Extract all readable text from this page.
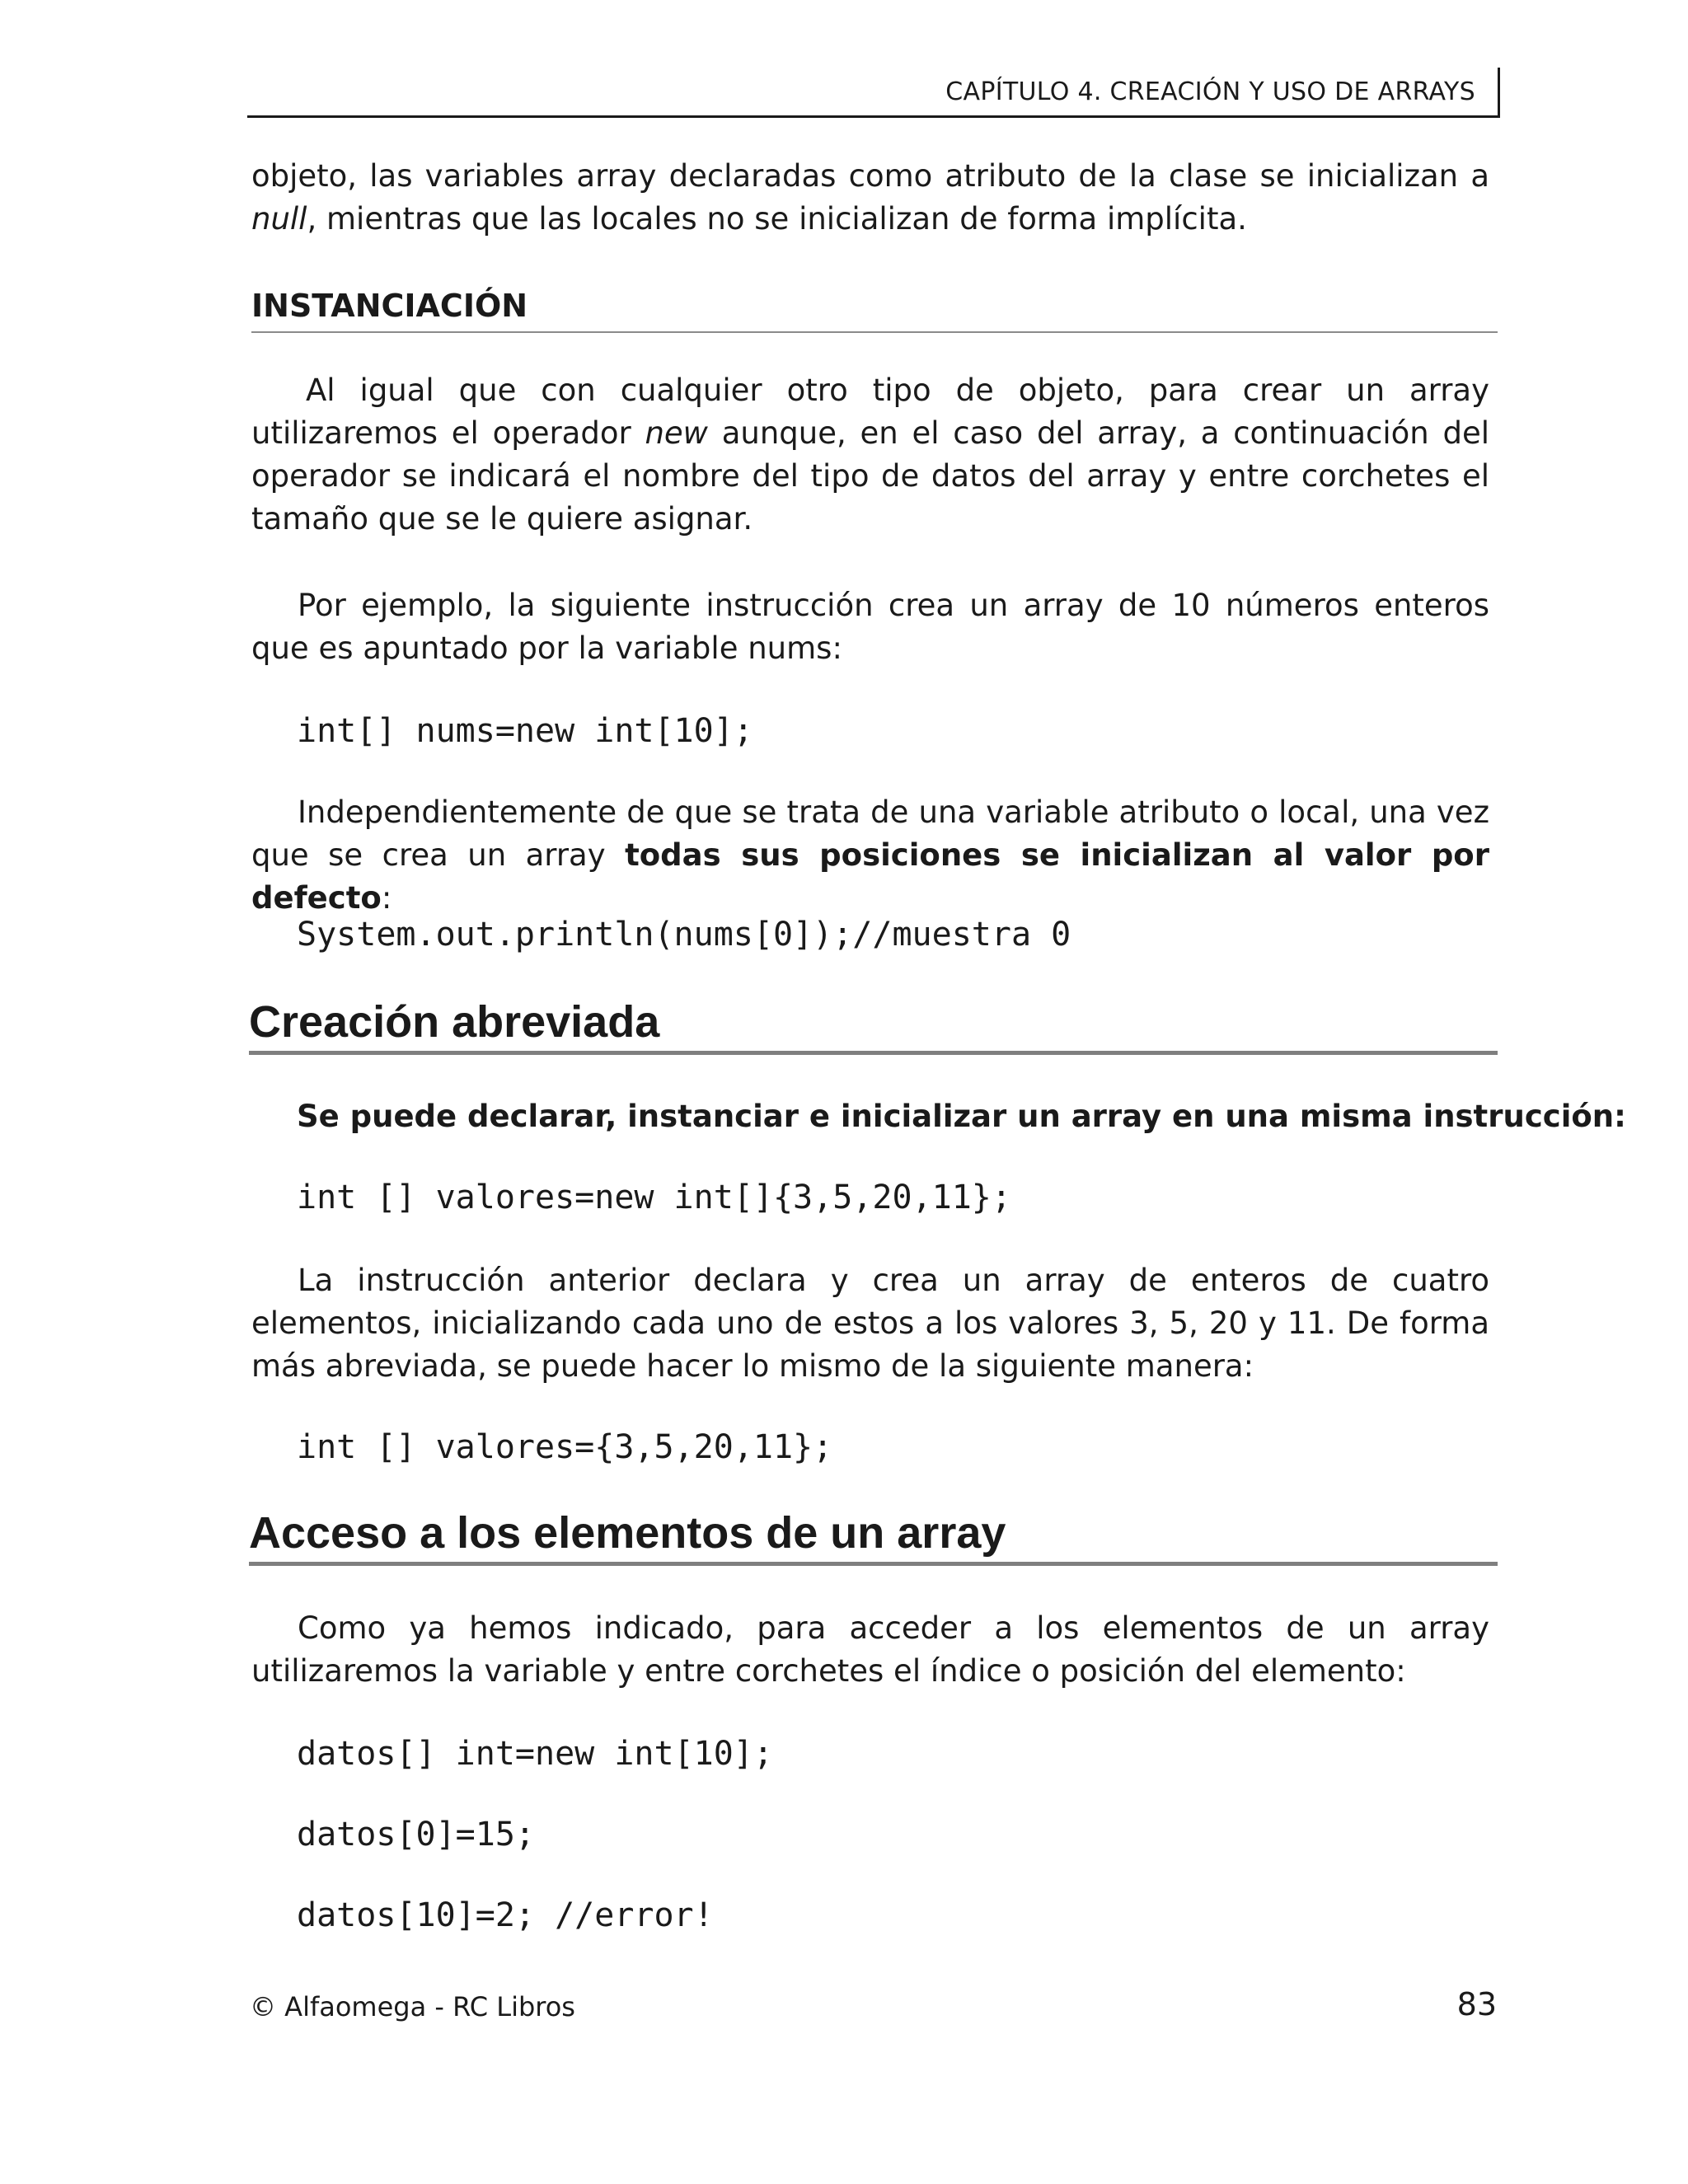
CAPÍTULO 4. CREACIÓN Y USO DE ARRAYS

objeto, las variables array declaradas como atributo de la clase se inicializan a null, mientras que las locales no se inicializan de forma implícita.

INSTANCIACIÓN

Al igual que con cualquier otro tipo de objeto, para crear un array utilizaremos el operador new aunque, en el caso del array, a continuación del operador se indicará el nombre del tipo de datos del array y entre corchetes el tamaño que se le quiere asignar.

Por ejemplo, la siguiente instrucción crea un array de 10 números enteros que es apuntado por la variable nums:

int[] nums=new int[10];

Independientemente de que se trata de una variable atributo o local, una vez que se crea un array todas sus posiciones se inicializan al valor por defecto:

System.out.println(nums[0]);//muestra 0
Creación abreviada
Se puede declarar, instanciar e inicializar un array en una misma instrucción:
int [] valores=new int[]{3,5,20,11};

La instrucción anterior declara y crea un array de enteros de cuatro elementos, inicializando cada uno de estos a los valores 3, 5, 20 y 11. De forma más abreviada, se puede hacer lo mismo de la siguiente manera:

int [] valores={3,5,20,11};
Acceso a los elementos de un array

Como ya hemos indicado, para acceder a los elementos de un array utilizaremos la variable y entre corchetes el índice o posición del elemento:

datos[] int=new int[10];
datos[0]=15;
datos[10]=2; //error!
© Alfaomega - RC Libros	83
